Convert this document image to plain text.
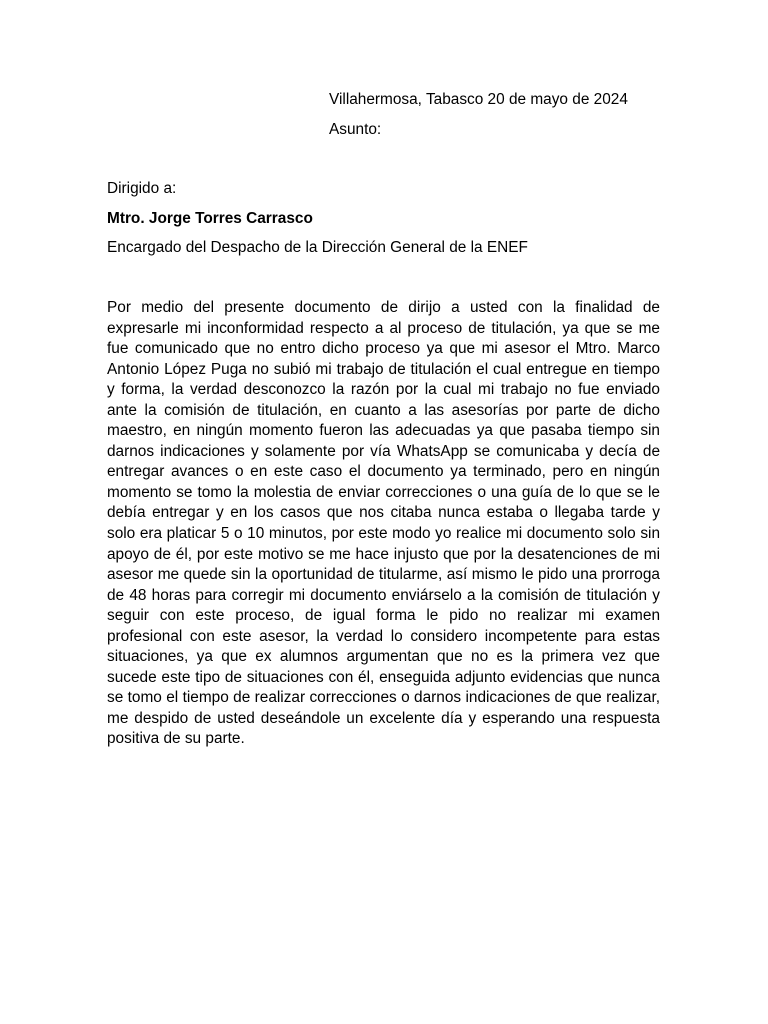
Villahermosa, Tabasco 20 de mayo de 2024

Asunto:

Dirigido a:

Mtro. Jorge Torres Carrasco

Encargado del Despacho de la Dirección General de la ENEF

Por medio del presente documento de dirijo a usted con la finalidad de expresarle mi inconformidad respecto a al proceso de titulación, ya que se me fue comunicado que no entro dicho proceso ya que mi asesor el Mtro. Marco Antonio López Puga no subió mi trabajo de titulación el cual entregue en tiempo y forma, la verdad desconozco la razón por la cual mi trabajo no fue enviado ante la comisión de titulación, en cuanto a las asesorías por parte de dicho maestro, en ningún momento fueron las adecuadas ya que pasaba tiempo sin darnos indicaciones y solamente por vía WhatsApp se comunicaba y decía de entregar avances o en este caso el documento ya terminado, pero en ningún momento se tomo la molestia de enviar correcciones o una guía de lo que se le debía entregar y en los casos que nos citaba nunca estaba o llegaba tarde y solo era platicar 5 o 10 minutos, por este modo yo realice mi documento solo sin apoyo de él, por este motivo se me hace injusto que por la desatenciones de mi asesor me quede sin la oportunidad de titularme, así mismo le pido una prorroga de 48 horas para corregir mi documento enviárselo a la comisión de titulación y seguir con este proceso, de igual forma le pido no realizar mi examen profesional con este asesor, la verdad lo considero incompetente para estas situaciones, ya que ex alumnos argumentan que no es la primera vez que sucede este tipo de situaciones con él, enseguida adjunto evidencias que nunca se tomo el tiempo de realizar correcciones o darnos indicaciones de que realizar, me despido de usted deseándole un excelente día y esperando una respuesta positiva de su parte.
